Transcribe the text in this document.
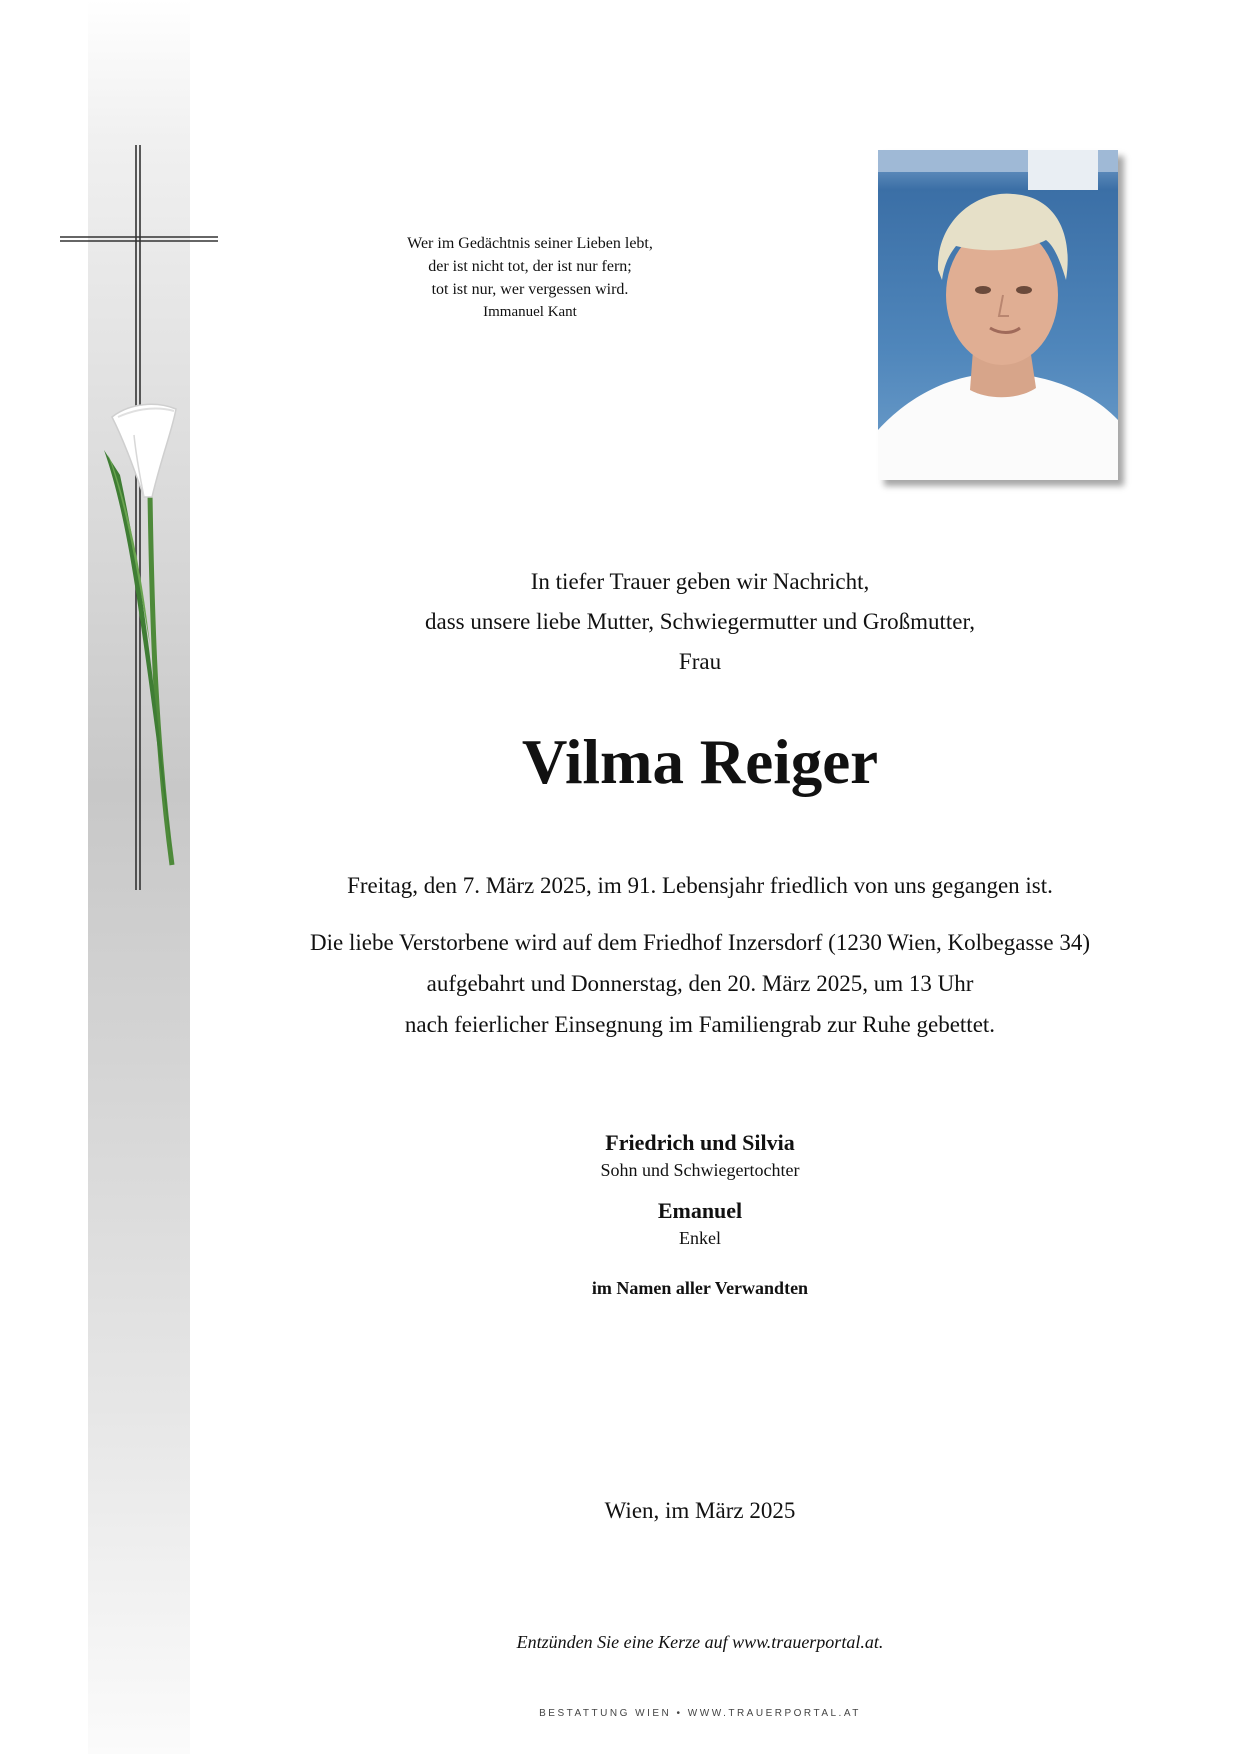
Wer im Gedächtnis seiner Lieben lebt,
der ist nicht tot, der ist nur fern;
tot ist nur, wer vergessen wird.
Immanuel Kant
In tiefer Trauer geben wir Nachricht,
dass unsere liebe Mutter, Schwiegermutter und Großmutter,
Frau
Vilma Reiger
Freitag, den 7. März 2025, im 91. Lebensjahr friedlich von uns gegangen ist.
Die liebe Verstorbene wird auf dem Friedhof Inzersdorf (1230 Wien, Kolbegasse 34)
aufgebahrt und Donnerstag, den 20. März 2025, um 13 Uhr
nach feierlicher Einsegnung im Familiengrab zur Ruhe gebettet.
Friedrich und Silvia
Sohn und Schwiegertochter
Emanuel
Enkel
im Namen aller Verwandten
Wien, im März 2025
Entzünden Sie eine Kerze auf www.trauerportal.at.
BESTATTUNG WIEN • WWW.TRAUERPORTAL.AT
